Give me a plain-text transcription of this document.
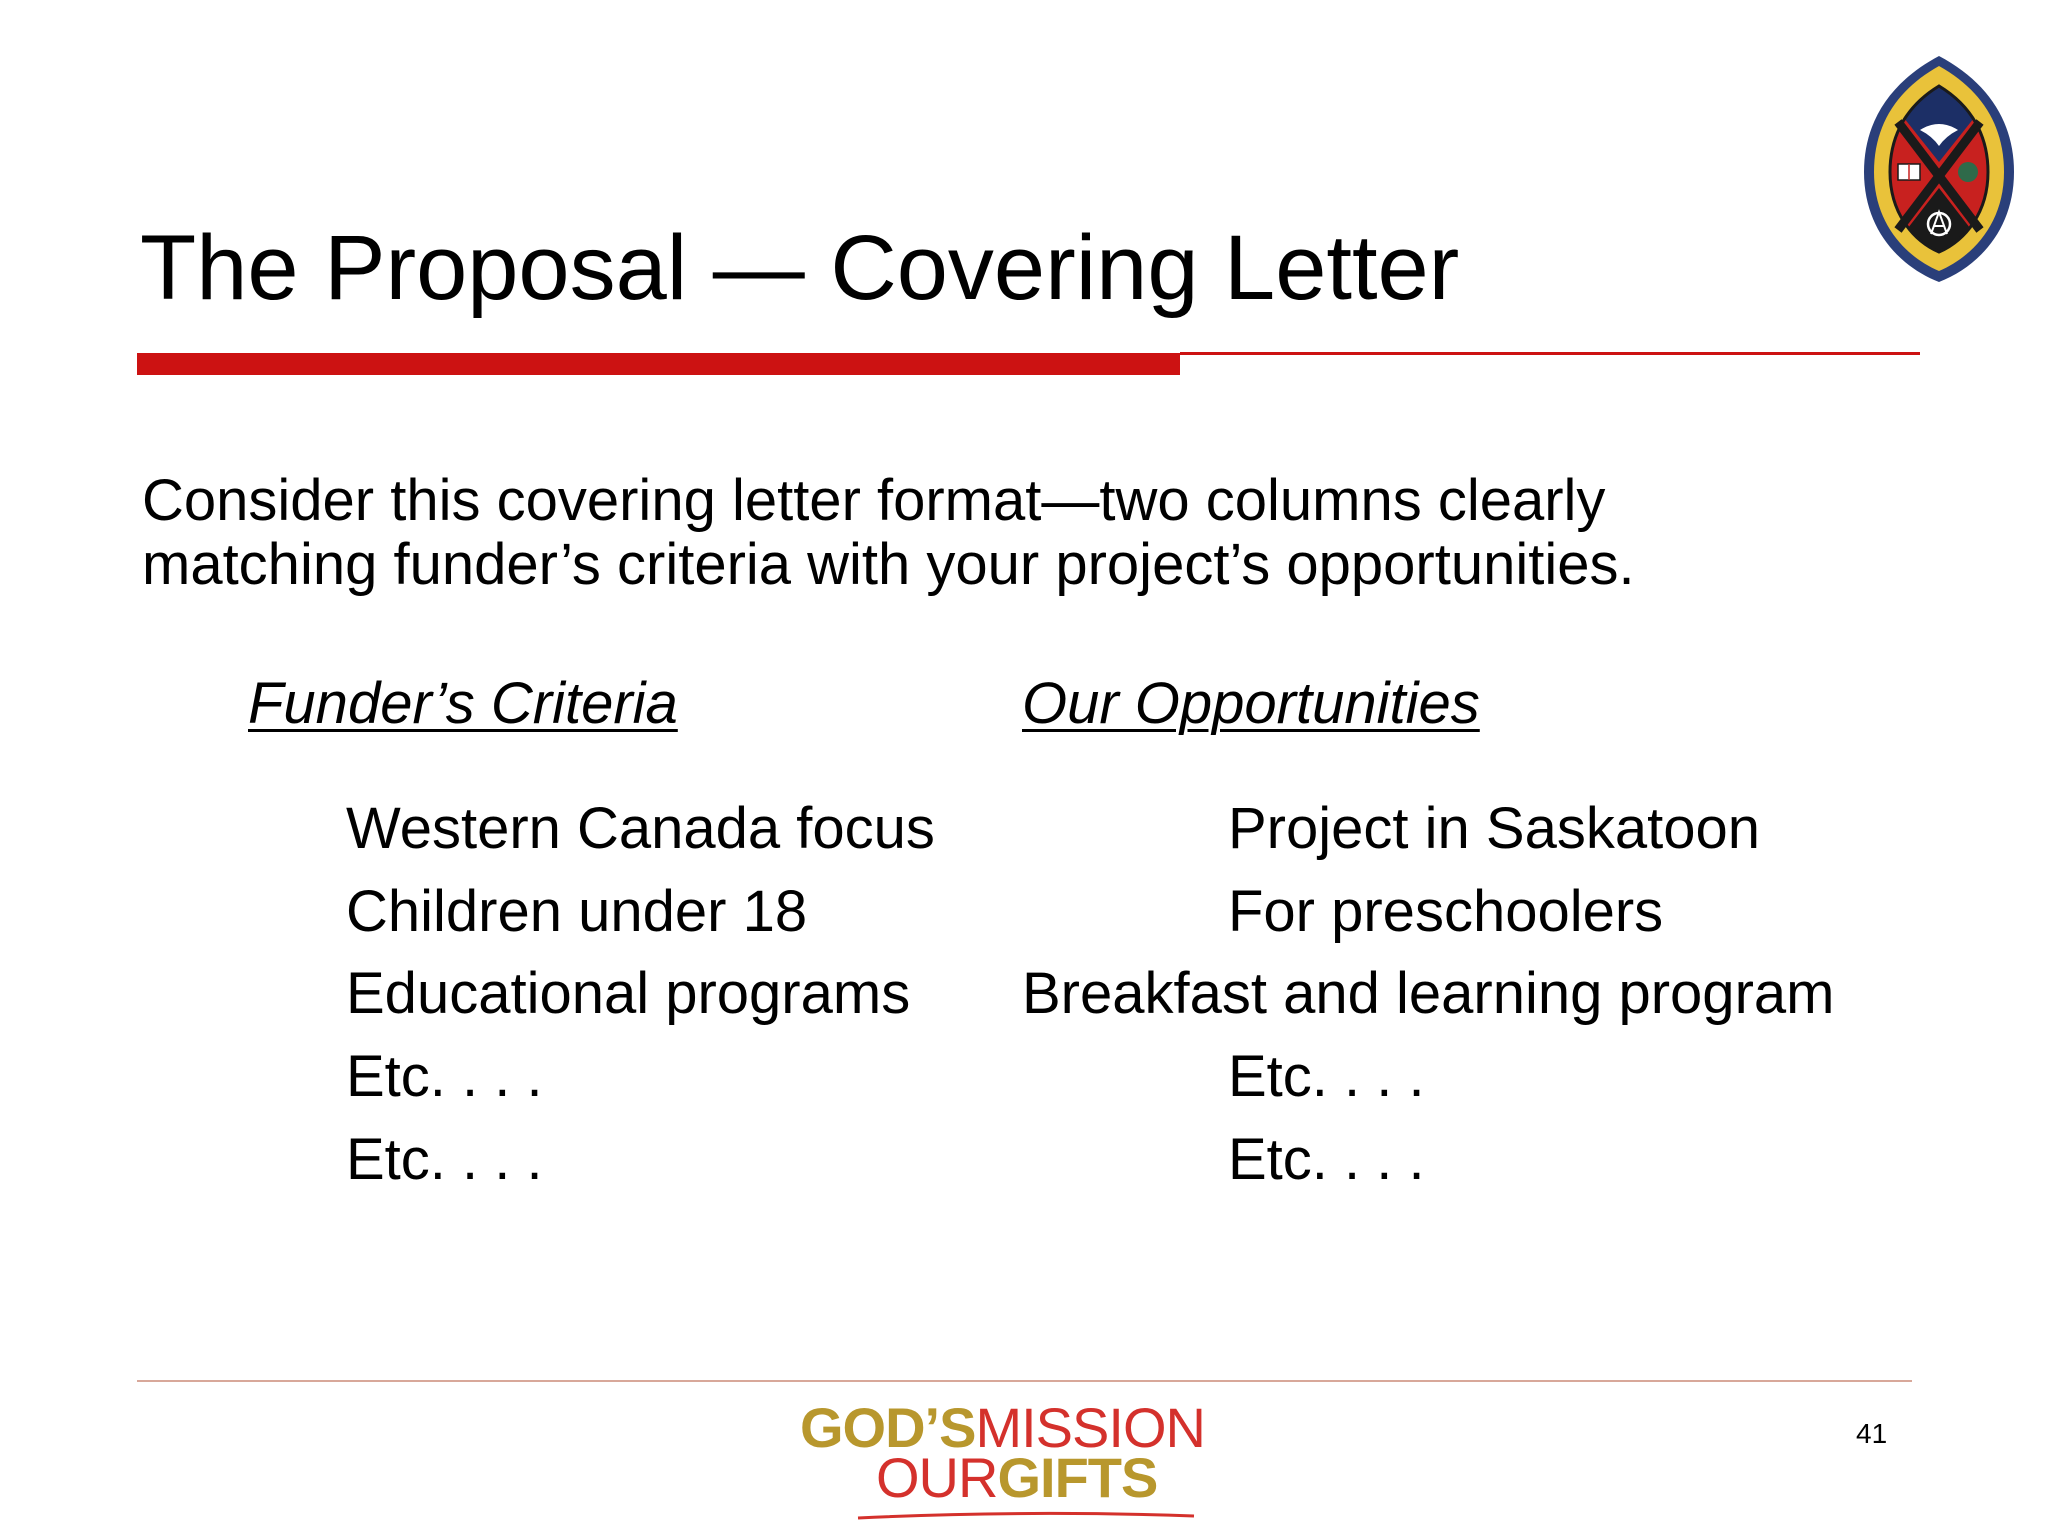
The Proposal — Covering Letter
Consider this covering letter format—two columns clearly
matching funder’s criteria with your project’s opportunities.
Funder’s Criteria	Our Opportunities
Western Canada focus
Children under 18
Educational programs
Etc. . . .
Etc. . . .
Project in Saskatoon
For preschoolers
Breakfast and learning program
Etc. . . .
Etc. . . .
GOD’SMISSION
OURGIFTS
41
